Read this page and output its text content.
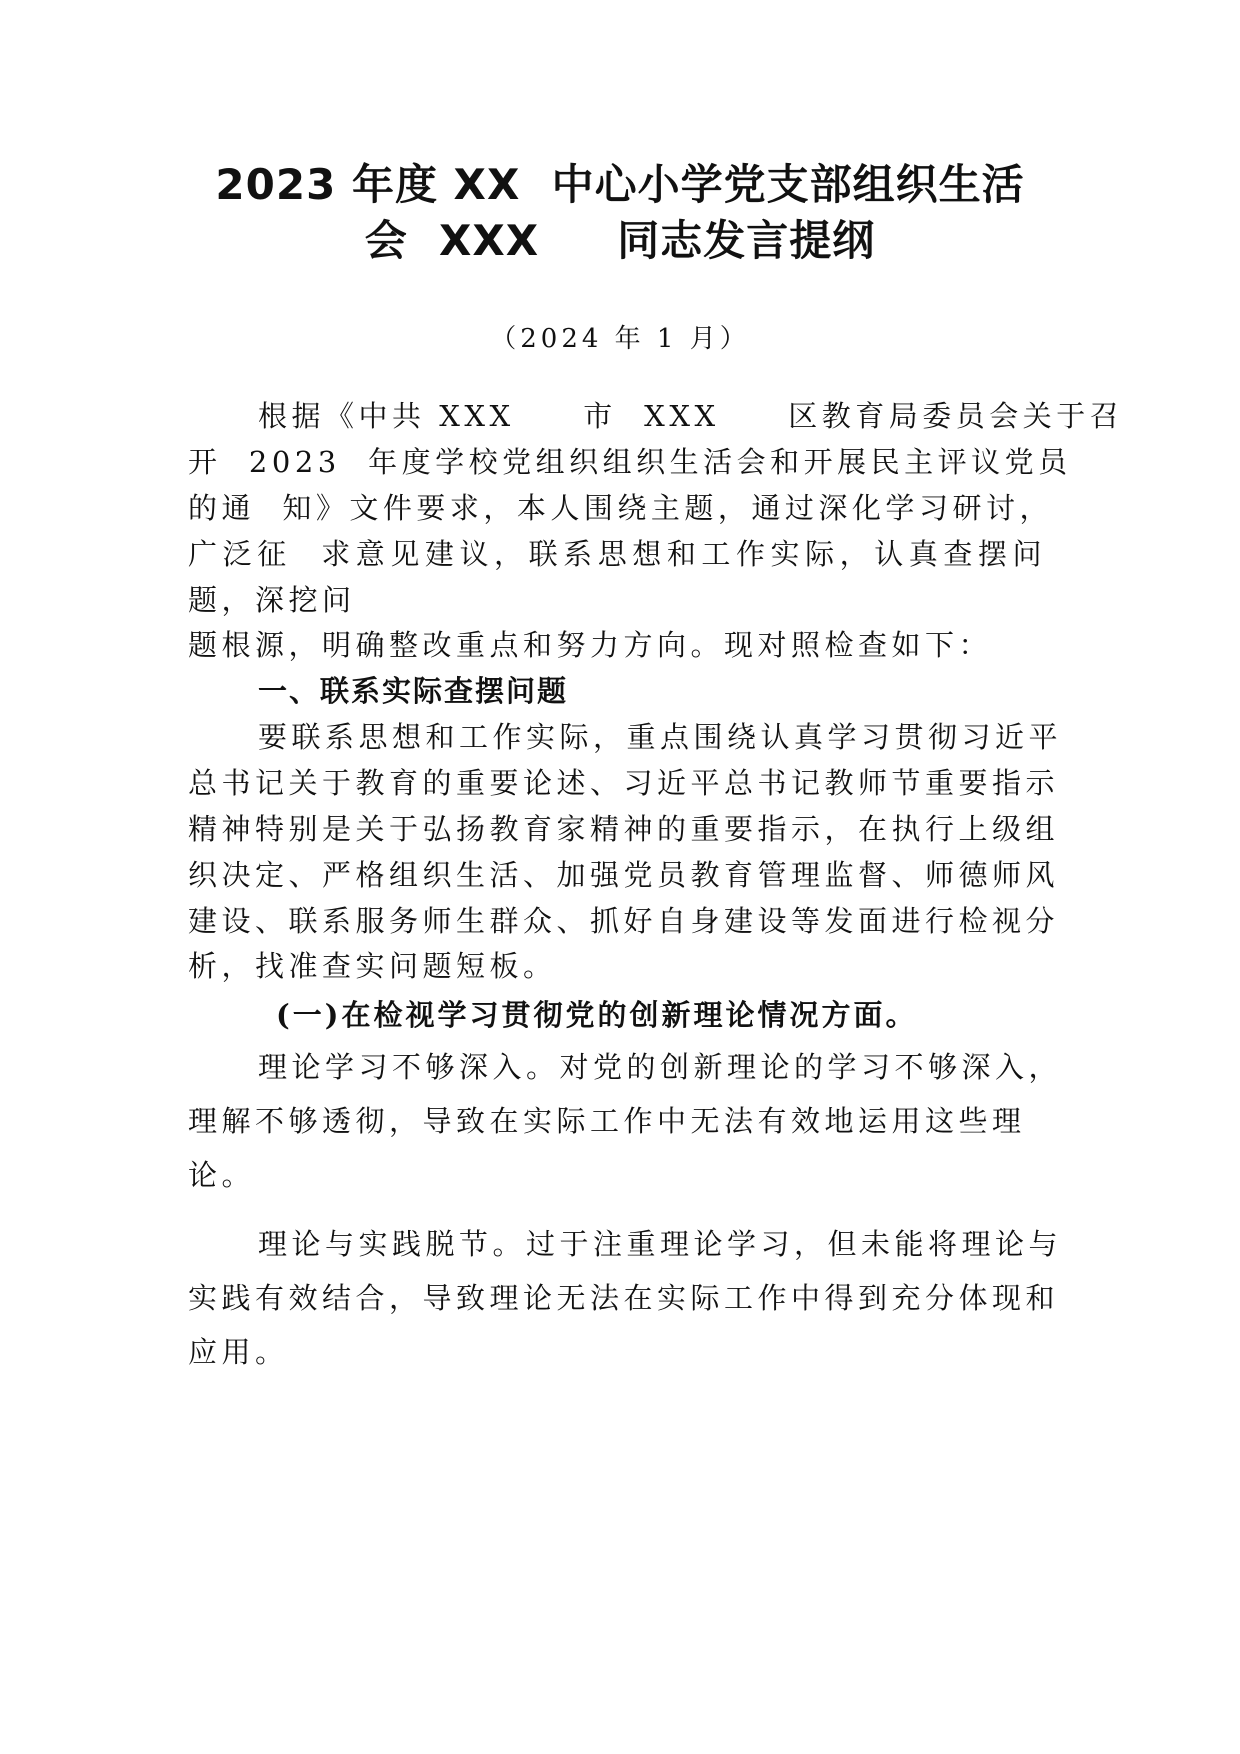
2023 年度 XX  中心小学党支部组织生活
会  XXX     同志发言提纲
（2024 年 1 月）
根据《中共 XXX     市  XXX     区教育局委员会关于召
开  2023  年度学校党组织组织生活会和开展民主评议党员
的通  知》文件要求，本人围绕主题，通过深化学习研讨，
广泛征  求意见建议，联系思想和工作实际，认真查摆问
题，深挖问
题根源，明确整改重点和努力方向。现对照检查如下：
一、联系实际查摆问题
要联系思想和工作实际，重点围绕认真学习贯彻习近平
总书记关于教育的重要论述、习近平总书记教师节重要指示
精神特别是关于弘扬教育家精神的重要指示，在执行上级组
织决定、严格组织生活、加强党员教育管理监督、师德师风
建设、联系服务师生群众、抓好自身建设等发面进行检视分
析，找准查实问题短板。
(一)在检视学习贯彻党的创新理论情况方面。
理论学习不够深入。对党的创新理论的学习不够深入，
理解不够透彻，导致在实际工作中无法有效地运用这些理
论。
理论与实践脱节。过于注重理论学习，但未能将理论与
实践有效结合，导致理论无法在实际工作中得到充分体现和
应用。
